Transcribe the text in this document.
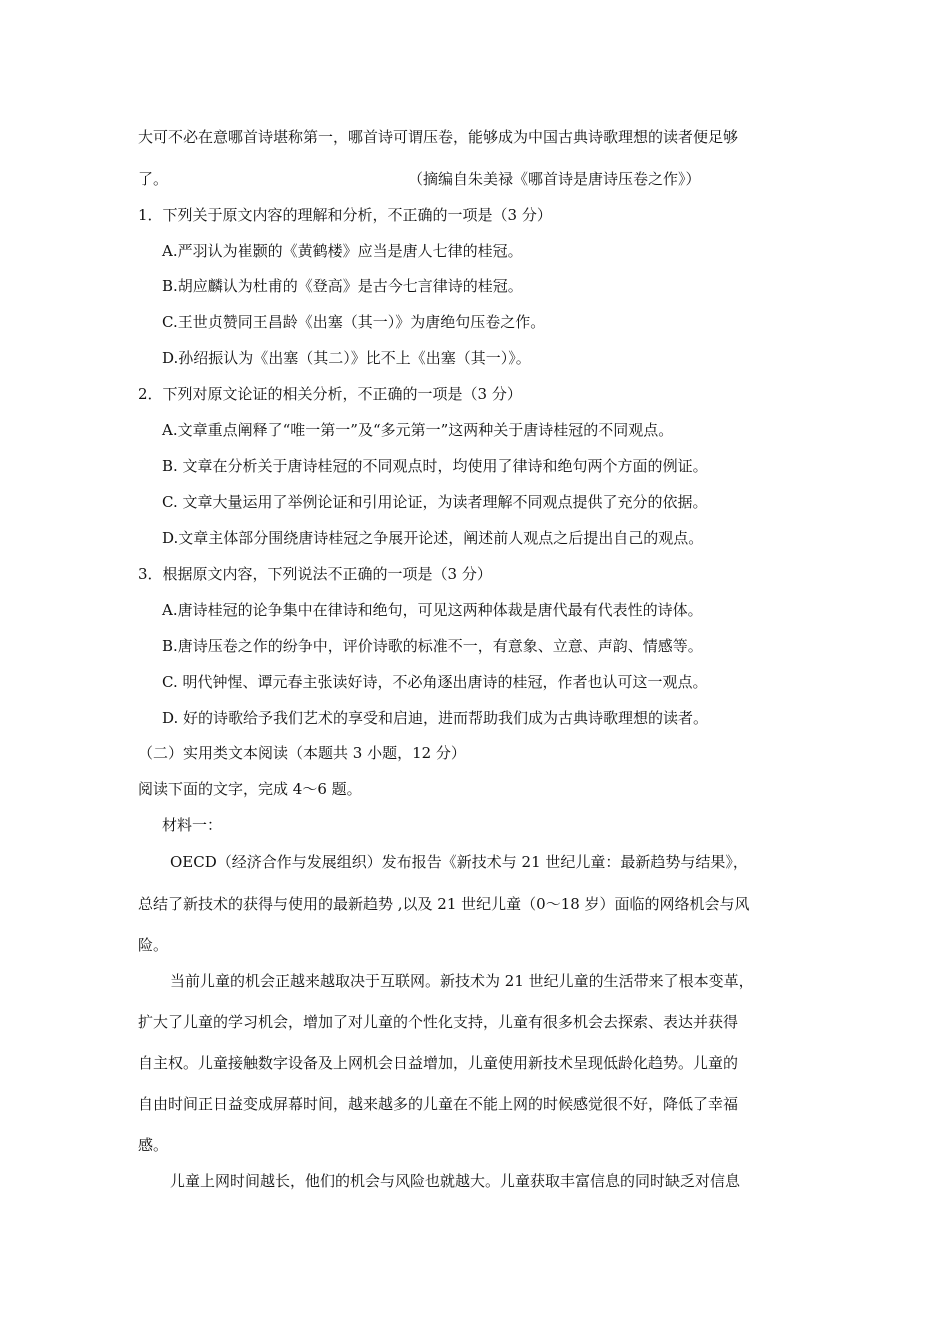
大可不必在意哪首诗堪称第一，哪首诗可谓压卷，能够成为中国古典诗歌理想的读者便足够
了。	（摘编自朱美禄《哪首诗是唐诗压卷之作》）
1．下列关于原文内容的理解和分析，不正确的一项是（3 分）
A.严羽认为崔颢的《黄鹤楼》应当是唐人七律的桂冠。
B.胡应麟认为杜甫的《登高》是古今七言律诗的桂冠。
C.王世贞赞同王昌龄《出塞（其一）》为唐绝句压卷之作。
D.孙绍振认为《出塞（其二）》比不上《出塞（其一）》。
2．下列对原文论证的相关分析，不正确的一项是（3 分）
A.文章重点阐释了“唯一第一”及“多元第一”这两种关于唐诗桂冠的不同观点。
B. 文章在分析关于唐诗桂冠的不同观点时，均使用了律诗和绝句两个方面的例证。
C. 文章大量运用了举例论证和引用论证，为读者理解不同观点提供了充分的依据。
D.文章主体部分围绕唐诗桂冠之争展开论述，阐述前人观点之后提出自己的观点。
3．根据原文内容，下列说法不正确的一项是（3 分）
A.唐诗桂冠的论争集中在律诗和绝句，可见这两种体裁是唐代最有代表性的诗体。
B.唐诗压卷之作的纷争中，评价诗歌的标准不一，有意象、立意、声韵、情感等。
C. 明代钟惺、谭元春主张读好诗，不必角逐出唐诗的桂冠，作者也认可这一观点。
D. 好的诗歌给予我们艺术的享受和启迪，进而帮助我们成为古典诗歌理想的读者。
（二）实用类文本阅读（本题共 3 小题，12 分）
阅读下面的文字，完成 4～6 题。
材料一：
OECD（经济合作与发展组织）发布报告《新技术与 21 世纪儿童：最新趋势与结果》，
总结了新技术的获得与使用的最新趋势 ,以及 21 世纪儿童（0～18 岁）面临的网络机会与风
险。
当前儿童的机会正越来越取决于互联网。新技术为 21 世纪儿童的生活带来了根本变革，
扩大了儿童的学习机会，增加了对儿童的个性化支持，儿童有很多机会去探索、表达并获得
自主权。儿童接触数字设备及上网机会日益增加，儿童使用新技术呈现低龄化趋势。儿童的
自由时间正日益变成屏幕时间，越来越多的儿童在不能上网的时候感觉很不好，降低了幸福
感。
儿童上网时间越长，他们的机会与风险也就越大。儿童获取丰富信息的同时缺乏对信息
